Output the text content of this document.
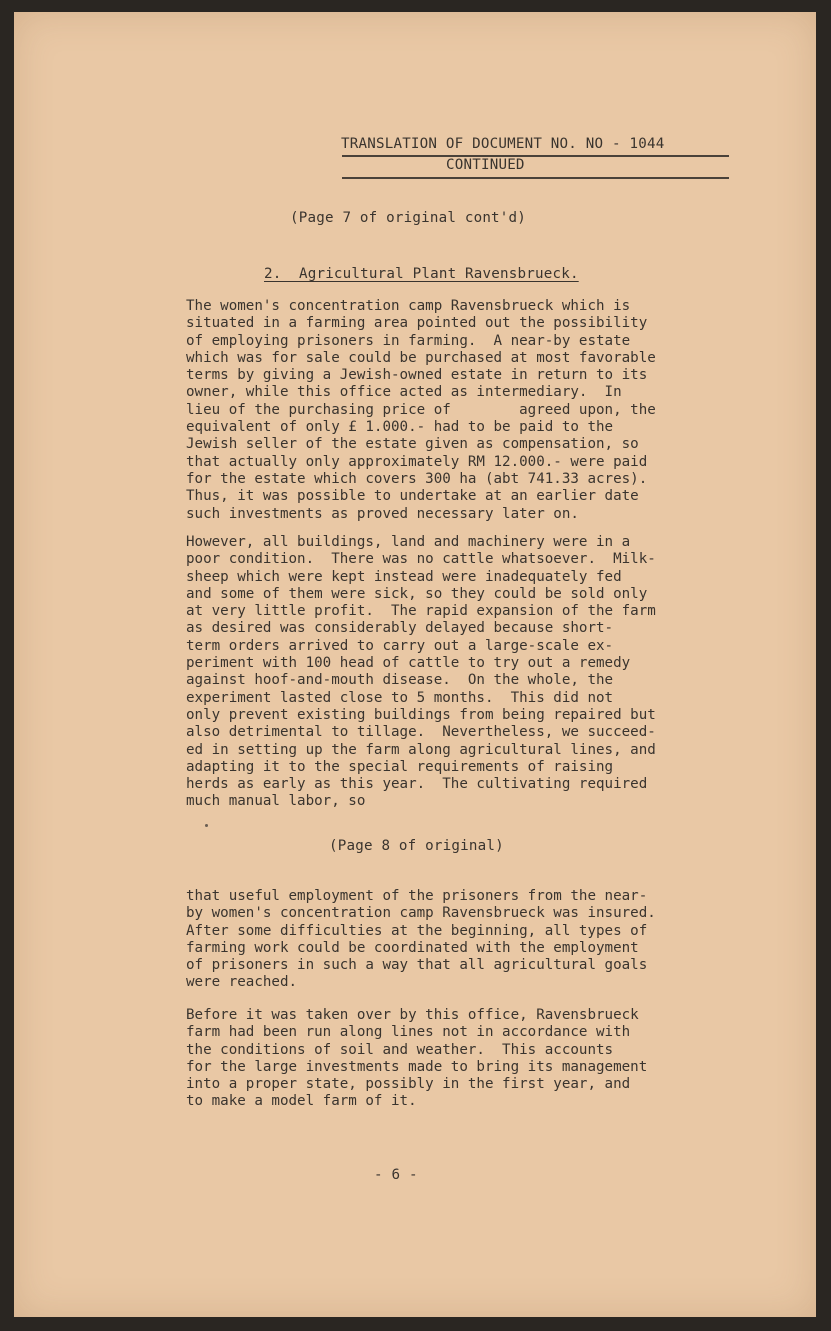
TRANSLATION OF DOCUMENT NO. NO - 1044
CONTINUED
(Page 7 of original cont'd)
2.  Agricultural Plant Ravensbrueck.
The women's concentration camp Ravensbrueck which is
situated in a farming area pointed out the possibility
of employing prisoners in farming.  A near-by estate
which was for sale could be purchased at most favorable
terms by giving a Jewish-owned estate in return to its
owner, while this office acted as intermediary.  In
lieu of the purchasing price of        agreed upon, the
equivalent of only £ 1.000.- had to be paid to the
Jewish seller of the estate given as compensation, so
that actually only approximately RM 12.000.- were paid
for the estate which covers 300 ha (abt 741.33 acres).
Thus, it was possible to undertake at an earlier date
such investments as proved necessary later on.
However, all buildings, land and machinery were in a
poor condition.  There was no cattle whatsoever.  Milk-
sheep which were kept instead were inadequately fed
and some of them were sick, so they could be sold only
at very little profit.  The rapid expansion of the farm
as desired was considerably delayed because short-
term orders arrived to carry out a large-scale ex-
periment with 100 head of cattle to try out a remedy
against hoof-and-mouth disease.  On the whole, the
experiment lasted close to 5 months.  This did not
only prevent existing buildings from being repaired but
also detrimental to tillage.  Nevertheless, we succeed-
ed in setting up the farm along agricultural lines, and
adapting it to the special requirements of raising
herds as early as this year.  The cultivating required
much manual labor, so
(Page 8 of original)
that useful employment of the prisoners from the near-
by women's concentration camp Ravensbrueck was insured.
After some difficulties at the beginning, all types of
farming work could be coordinated with the employment
of prisoners in such a way that all agricultural goals
were reached.
Before it was taken over by this office, Ravensbrueck
farm had been run along lines not in accordance with
the conditions of soil and weather.  This accounts
for the large investments made to bring its management
into a proper state, possibly in the first year, and
to make a model farm of it.
- 6 -
